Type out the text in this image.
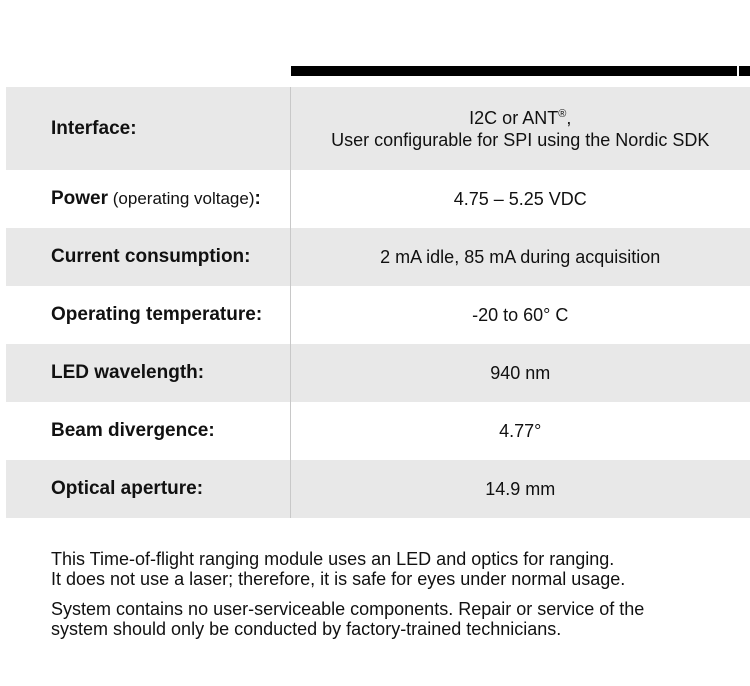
Interface:	I2C or ANT®,
User configurable for SPI using the Nordic SDK

Power (operating voltage):	4.75 – 5.25 VDC
Current consumption:	2 mA idle, 85 mA during acquisition
Operating temperature:	-20 to 60° C
LED wavelength:	940 nm
Beam divergence:	4.77°
Optical aperture:	14.9 mm

This Time-of-flight ranging module uses an LED and optics for ranging.
It does not use a laser; therefore, it is safe for eyes under normal usage.

System contains no user-serviceable components. Repair or service of the
system should only be conducted by factory-trained technicians.
